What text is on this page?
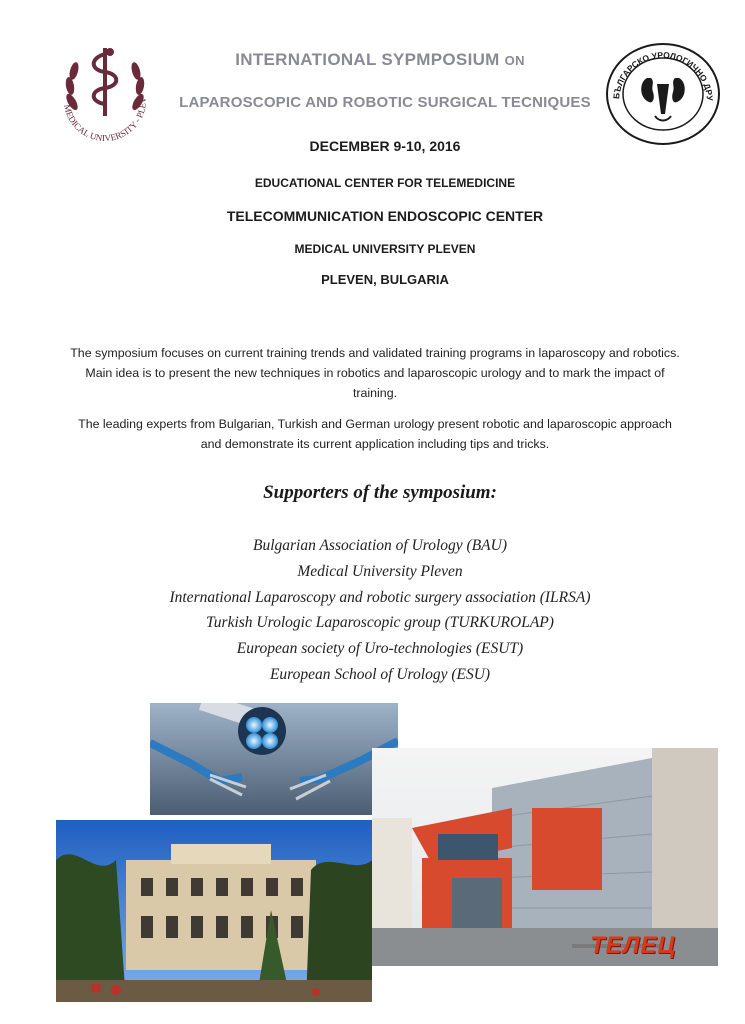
MEDICAL UNIVERSITY - PLEV
БЪЛГАРСКО УРОЛОГИЧНО ДРУ
INTERNATIONAL SYPMPOSIUM ON
LAPAROSCOPIC AND ROBOTIC SURGICAL TECNIQUES
DECEMBER 9-10, 2016
EDUCATIONAL CENTER FOR TELEMEDICINE
TELECOMMUNICATION ENDOSCOPIC CENTER
MEDICAL UNIVERSITY PLEVEN
PLEVEN, BULGARIA
The symposium focuses on current training trends and validated training programs in laparoscopy and robotics. Main idea is to present the new techniques in robotics and laparoscopic urology and to mark the impact of training.
The leading experts from Bulgarian, Turkish and German urology present robotic and laparoscopic approach and demonstrate its current application including tips and tricks.
Supporters of the symposium:
Bulgarian Association of Urology (BAU)
Medical University Pleven
International Laparoscopy and robotic surgery association (ILRSA)
Turkish Urologic Laparoscopic group (TURKUROLAP)
European society of Uro-technologies (ESUT)
European School of Urology (ESU)
ТЕЛЕЦ
